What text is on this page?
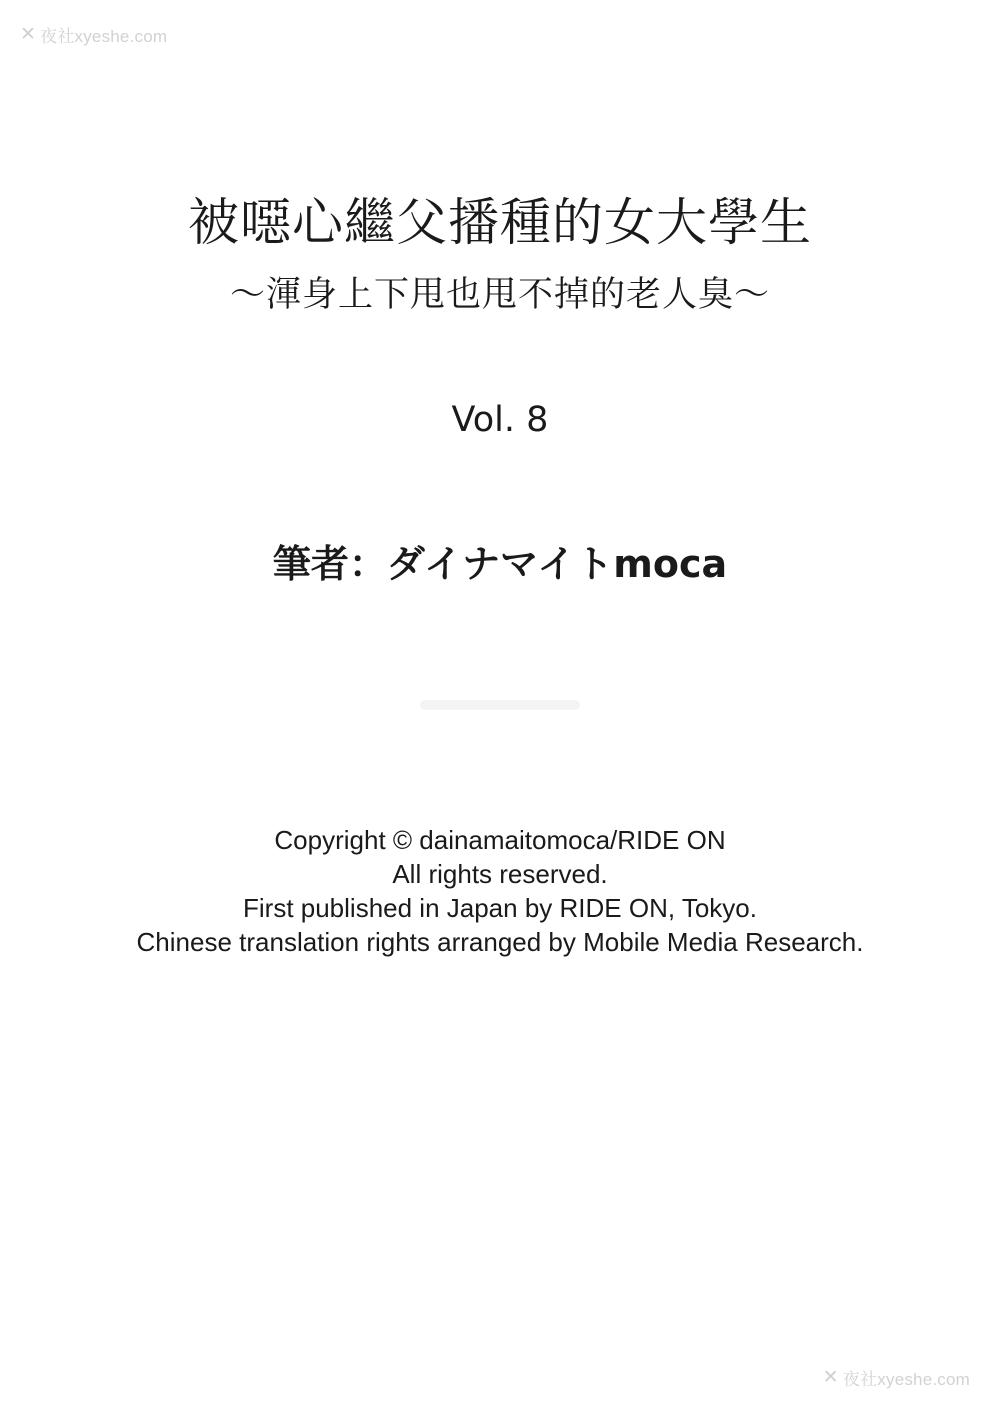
✕ 夜社xyeshe.com
被噁心繼父播種的女大學生
〜渾身上下甩也甩不掉的老人臭〜
Vol. 8
筆者：ダイナマイトmoca
Copyright © dainamaitomoca/RIDE ON
All rights reserved.
First published in Japan by RIDE ON, Tokyo.
Chinese translation rights arranged by Mobile Media Research.
✕ 夜社xyeshe.com
